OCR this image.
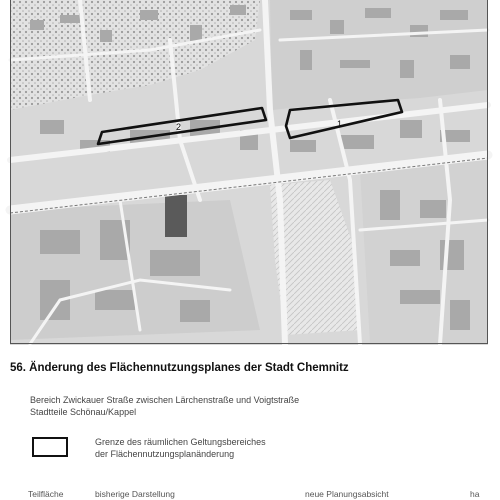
1
2
56. Änderung des Flächennutzungsplanes der Stadt Chemnitz
Bereich Zwickauer Straße zwischen Lärchenstraße und Voigtstraße
Stadtteile Schönau/Kappel
Grenze des räumlichen Geltungsbereiches
der Flächennutzungsplanänderung
Teilfläche	bisherige Darstellung	neue Planungsabsicht	ha
